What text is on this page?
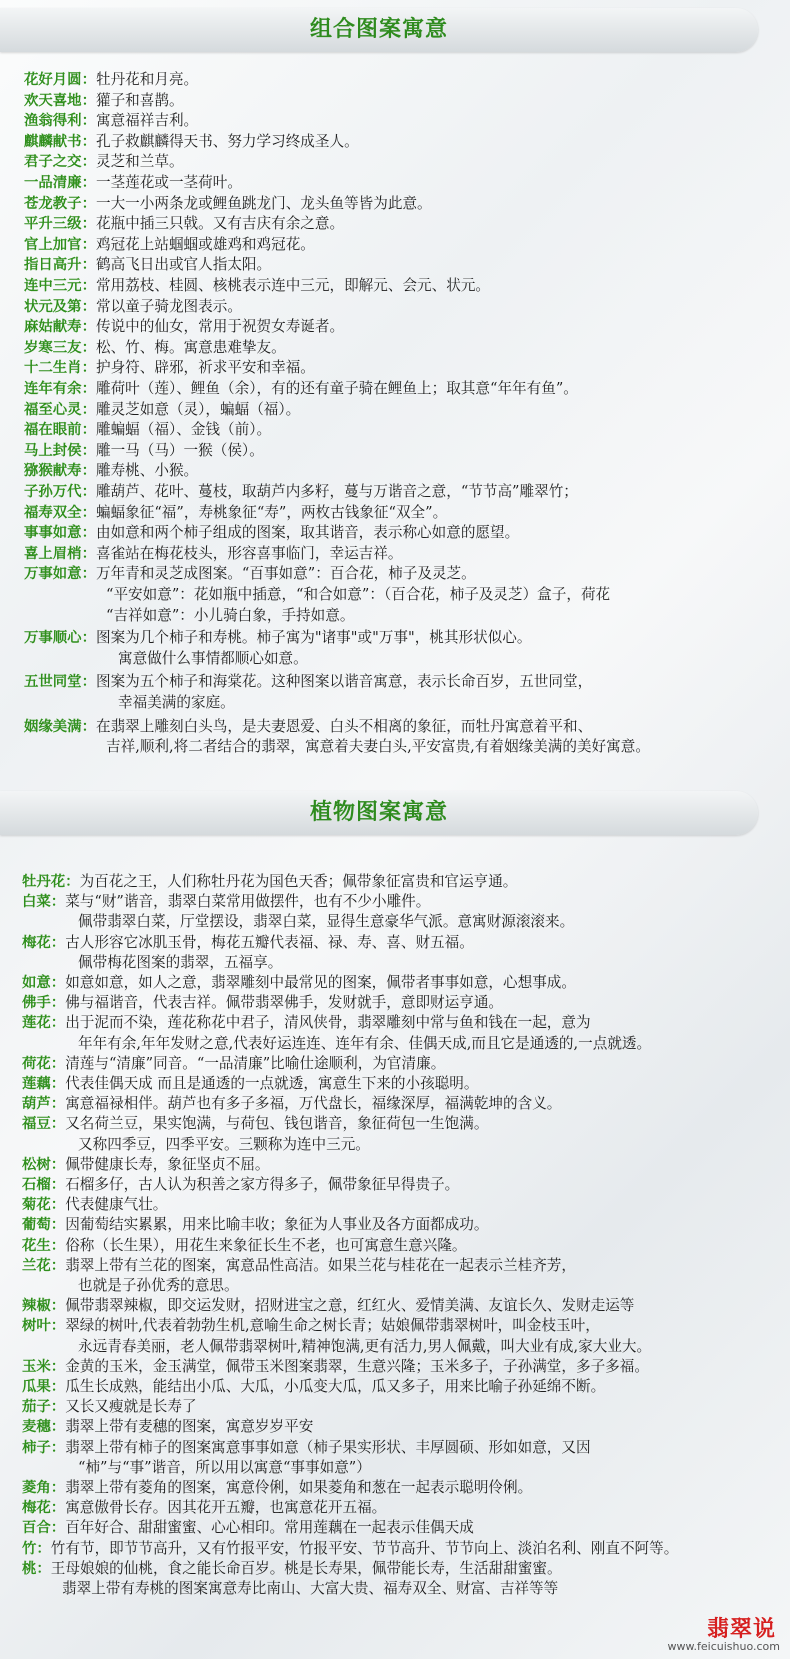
组合图案寓意
花好月圆：牡丹花和月亮。
欢天喜地：獾子和喜鹊。
渔翁得利：寓意福祥吉利。
麒麟献书：孔子救麒麟得天书、努力学习终成圣人。
君子之交：灵芝和兰草。
一品清廉：一茎莲花或一茎荷叶。
苍龙教子：一大一小两条龙或鲤鱼跳龙门、龙头鱼等皆为此意。
平升三级：花瓶中插三只戟。又有吉庆有余之意。
官上加官：鸡冠花上站蝈蝈或雄鸡和鸡冠花。
指日高升：鹤高飞日出或官人指太阳。
连中三元：常用荔枝、桂圆、核桃表示连中三元，即解元、会元、状元。
状元及第：常以童子骑龙图表示。
麻姑献寿：传说中的仙女，常用于祝贺女寿诞者。
岁寒三友：松、竹、梅。寓意患难挚友。
十二生肖：护身符、辟邪，祈求平安和幸福。
连年有余：雕荷叶（莲）、鲤鱼（余），有的还有童子骑在鲤鱼上；取其意“年年有鱼”。
福至心灵：雕灵芝如意（灵），蝙蝠（福）。
福在眼前：雕蝙蝠（福）、金钱（前）。
马上封侯：雕一马（马）一猴（侯）。
猕猴献寿：雕寿桃、小猴。
子孙万代：雕葫芦、花叶、蔓枝，取葫芦内多籽，蔓与万谐音之意，“节节高”雕翠竹；
福寿双全：蝙蝠象征“福”，寿桃象征“寿”，两枚古钱象征“双全”。
事事如意：由如意和两个柿子组成的图案，取其谐音，表示称心如意的愿望。
喜上眉梢：喜雀站在梅花枝头，形容喜事临门，幸运吉祥。
万事如意：万年青和灵芝成图案。“百事如意”：百合花，柿子及灵芝。
“平安如意”：花如瓶中插意，“和合如意”：（百合花，柿子及灵芝）盒子，荷花
“吉祥如意”：小儿骑白象，手持如意。
万事顺心：图案为几个柿子和寿桃。柿子寓为"诸事"或"万事"，桃其形状似心。
寓意做什么事情都顺心如意。
五世同堂：图案为五个柿子和海棠花。这种图案以谐音寓意，表示长命百岁，五世同堂，
幸福美满的家庭。
姻缘美满：在翡翠上雕刻白头鸟，是夫妻恩爱、白头不相离的象征，而牡丹寓意着平和、
吉祥,顺利,将二者结合的翡翠，寓意着夫妻白头,平安富贵,有着姻缘美满的美好寓意。
植物图案寓意
牡丹花：为百花之王，人们称牡丹花为国色天香；佩带象征富贵和官运亨通。
白菜：菜与“财”谐音，翡翠白菜常用做摆件，也有不少小雕件。
佩带翡翠白菜，厅堂摆设，翡翠白菜，显得生意豪华气派。意寓财源滚滚来。
梅花：古人形容它冰肌玉骨，梅花五瓣代表福、禄、寿、喜、财五福。
佩带梅花图案的翡翠，五福享。
如意：如意如意，如人之意，翡翠雕刻中最常见的图案，佩带者事事如意，心想事成。
佛手：佛与福谐音，代表吉祥。佩带翡翠佛手，发财就手，意即财运亨通。
莲花：出于泥而不染，莲花称花中君子，清风侠骨，翡翠雕刻中常与鱼和钱在一起，意为
年年有余,年年发财之意,代表好运连连、连年有余、佳偶天成,而且它是通透的,一点就透。
荷花：清莲与“清廉”同音。“一品清廉”比喻仕途顺利，为官清廉。
莲藕：代表佳偶天成 而且是通透的一点就透，寓意生下来的小孩聪明。
葫芦：寓意福禄相伴。葫芦也有多子多福，万代盘长，福缘深厚，福满乾坤的含义。
福豆：又名荷兰豆，果实饱满，与荷包、钱包谐音，象征荷包一生饱满。
又称四季豆，四季平安。三颗称为连中三元。
松树：佩带健康长寿，象征坚贞不屈。
石榴：石榴多仔，古人认为积善之家方得多子，佩带象征早得贵子。
菊花：代表健康气壮。
葡萄：因葡萄结实累累，用来比喻丰收；象征为人事业及各方面都成功。
花生：俗称（长生果），用花生来象征长生不老，也可寓意生意兴隆。
兰花：翡翠上带有兰花的图案，寓意品性高洁。如果兰花与桂花在一起表示兰桂齐芳，
也就是子孙优秀的意思。
辣椒：佩带翡翠辣椒，即交运发财，招财进宝之意，红红火、爱情美满、友谊长久、发财走运等
树叶：翠绿的树叶,代表着勃勃生机,意喻生命之树长青；姑娘佩带翡翠树叶，叫金枝玉叶，
永远青春美丽，老人佩带翡翠树叶,精神饱满,更有活力,男人佩戴，叫大业有成,家大业大。
玉米：金黄的玉米，金玉满堂，佩带玉米图案翡翠，生意兴隆；玉米多子，子孙满堂，多子多福。
瓜果：瓜生长成熟，能结出小瓜、大瓜，小瓜变大瓜，瓜又多子，用来比喻子孙延绵不断。
茄子：又长又瘦就是长寿了
麦穗：翡翠上带有麦穗的图案，寓意岁岁平安
柿子：翡翠上带有柿子的图案寓意事事如意（柿子果实形状、丰厚圆硕、形如如意，又因
“柿”与“事”谐音，所以用以寓意“事事如意”）
菱角：翡翠上带有菱角的图案，寓意伶俐，如果菱角和葱在一起表示聪明伶俐。
梅花：寓意傲骨长存。因其花开五瓣，也寓意花开五福。
百合：百年好合、甜甜蜜蜜、心心相印。常用莲藕在一起表示佳偶天成
竹：竹有节，即节节高升，又有竹报平安，竹报平安、节节高升、节节向上、淡泊名利、刚直不阿等。
桃：王母娘娘的仙桃，食之能长命百岁。桃是长寿果，佩带能长寿，生活甜甜蜜蜜。
翡翠上带有寿桃的图案寓意寿比南山、大富大贵、福寿双全、财富、吉祥等等
翡翠说
www.feicuishuo.com
